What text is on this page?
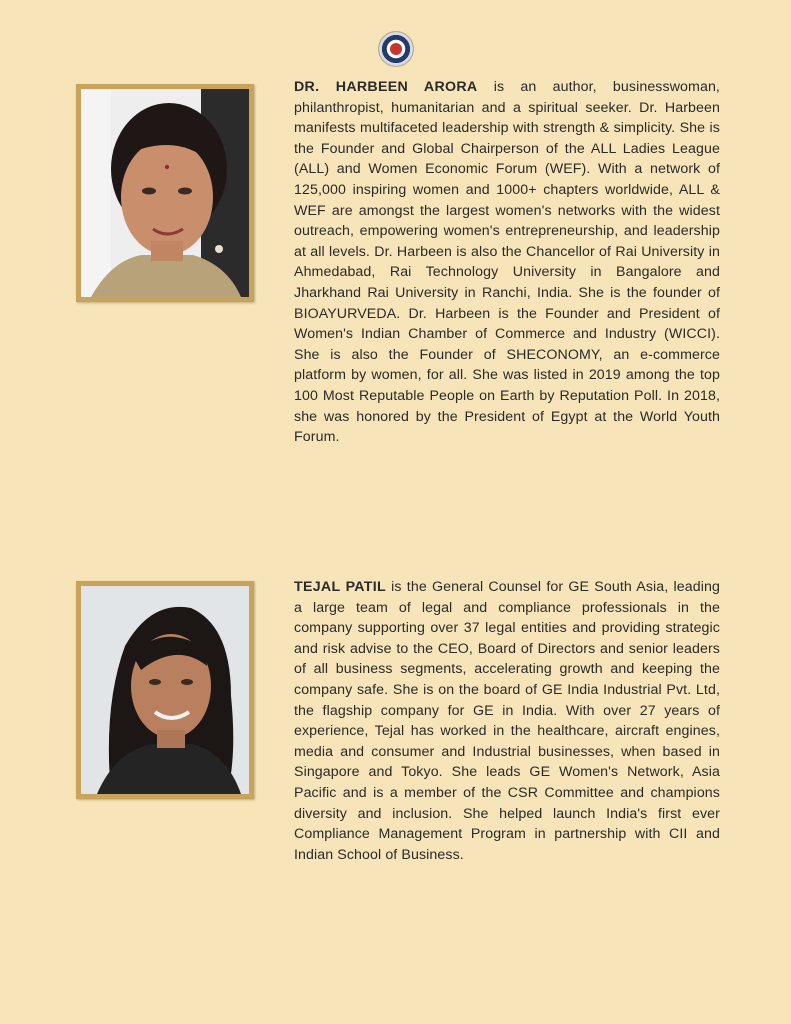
DR. HARBEEN ARORA is an author, businesswoman, philanthropist, humanitarian and a spiritual seeker. Dr. Harbeen manifests multifaceted leadership with strength & simplicity. She is the Founder and Global Chairperson of the ALL Ladies League (ALL) and Women Economic Forum (WEF). With a network of 125,000 inspiring women and 1000+ chapters worldwide, ALL & WEF are amongst the largest women's networks with the widest outreach, empowering women's entrepreneurship, and leadership at all levels. Dr. Harbeen is also the Chancellor of Rai University in Ahmedabad, Rai Technology University in Bangalore and Jharkhand Rai University in Ranchi, India. She is the founder of BIOAYURVEDA. Dr. Harbeen is the Founder and President of Women's Indian Chamber of Commerce and Industry (WICCI). She is also the Founder of SHECONOMY, an e-commerce platform by women, for all. She was listed in 2019 among the top 100 Most Reputable People on Earth by Reputation Poll. In 2018, she was honored by the President of Egypt at the World Youth Forum.
TEJAL PATIL is the General Counsel for GE South Asia, leading a large team of legal and compliance professionals in the company supporting over 37 legal entities and providing strategic and risk advise to the CEO, Board of Directors and senior leaders of all business segments, accelerating growth and keeping the company safe. She is on the board of GE India Industrial Pvt. Ltd, the flagship company for GE in India. With over 27 years of experience, Tejal has worked in the healthcare, aircraft engines, media and consumer and Industrial businesses, when based in Singapore and Tokyo. She leads GE Women's Network, Asia Pacific and is a member of the CSR Committee and champions diversity and inclusion. She helped launch India's first ever Compliance Management Program in partnership with CII and Indian School of Business.
